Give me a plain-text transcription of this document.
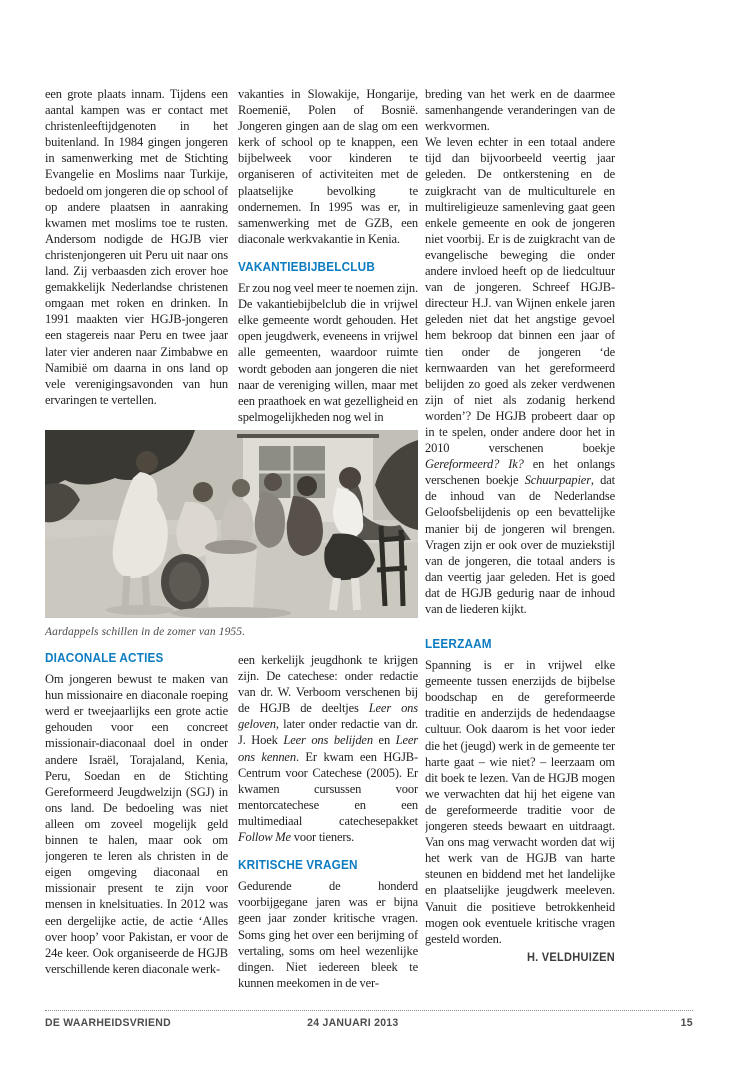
een grote plaats innam. Tijdens een aantal kampen was er contact met christenleeftijdgenoten in het buitenland. In 1984 gingen jongeren in samenwerking met de Stichting Evangelie en Moslims naar Turkije, bedoeld om jongeren die op school of op andere plaatsen in aanraking kwamen met moslims toe te rusten. Andersom nodigde de HGJB vier christenjongeren uit Peru uit naar ons land. Zij verbaasden zich erover hoe gemakkelijk Nederlandse christenen omgaan met roken en drinken. In 1991 maakten vier HGJB-jongeren een stagereis naar Peru en twee jaar later vier anderen naar Zimbabwe en Namibië om daarna in ons land op vele verenigingsavonden van hun ervaringen te vertellen.

vakanties in Slowakije, Hongarije, Roemenië, Polen of Bosnië. Jongeren gingen aan de slag om een kerk of school op te knappen, een bijbelweek voor kinderen te organiseren of activiteiten met de plaatselijke bevolking te ondernemen. In 1995 was er, in samenwerking met de GZB, een diaconale werkvakantie in Kenia.

VAKANTIEBIJBELCLUB

Er zou nog veel meer te noemen zijn. De vakantiebijbelclub die in vrijwel elke gemeente wordt gehouden. Het open jeugdwerk, eveneens in vrijwel alle gemeenten, waardoor ruimte wordt geboden aan jongeren die niet naar de vereniging willen, maar met een praathoek en wat gezelligheid en spelmogelijkheden nog wel in

breding van het werk en de daarmee samenhangende veranderingen van de werkvormen.

We leven echter in een totaal andere tijd dan bijvoorbeeld veertig jaar geleden. De ontkerstening en de zuigkracht van de multiculturele en multireligieuze samenleving gaat geen enkele gemeente en ook de jongeren niet voorbij. Er is de zuigkracht van de evangelische beweging die onder andere invloed heeft op de liedcultuur van de jongeren. Schreef HGJB-directeur H.J. van Wijnen enkele jaren geleden niet dat het angstige gevoel hem bekroop dat binnen een jaar of tien onder de jongeren ‘de kernwaarden van het gereformeerd belijden zo goed als zeker verdwenen zijn of niet als zodanig herkend worden’? De HGJB probeert daar op in te spelen, onder andere door het in 2010 verschenen boekje Gereformeerd? Ik? en het onlangs verschenen boekje Schuurpapier, dat de inhoud van de Nederlandse Geloofsbelijdenis op een bevattelijke manier bij de jongeren wil brengen. Vragen zijn er ook over de muziekstijl van de jongeren, die totaal anders is dan veertig jaar geleden. Het is goed dat de HGJB gedurig naar de inhoud van de liederen kijkt.

Aardappels schillen in de zomer van 1955.
DIACONALE ACTIES

Om jongeren bewust te maken van hun missionaire en diaconale roeping werd er tweejaarlijks een grote actie gehouden voor een concreet missionair-diaconaal doel in onder andere Israël, Torajaland, Kenia, Peru, Soedan en de Stichting Gereformeerd Jeugdwelzijn (SGJ) in ons land. De bedoeling was niet alleen om zoveel mogelijk geld binnen te halen, maar ook om jongeren te leren als christen in de eigen omgeving diaconaal en missionair present te zijn voor mensen in knelsituaties. In 2012 was een dergelijke actie, de actie ‘Alles over hoop’ voor Pakistan, er voor de 24e keer. Ook organiseerde de HGJB verschillende keren diaconale werk-

een kerkelijk jeugdhonk te krijgen zijn. De catechese: onder redactie van dr. W. Verboom verschenen bij de HGJB de deeltjes Leer ons geloven, later onder redactie van dr. J. Hoek Leer ons belijden en Leer ons kennen. Er kwam een HGJB-Centrum voor Catechese (2005). Er kwamen cursussen voor mentorcatechese en een multimediaal catechesepakket Follow Me voor tieners.

KRITISCHE VRAGEN

Gedurende de honderd voorbijgegane jaren was er bijna geen jaar zonder kritische vragen. Soms ging het over een berijming of vertaling, soms om heel wezenlijke dingen. Niet iedereen bleek te kunnen meekomen in de ver-

LEERZAAM

Spanning is er in vrijwel elke gemeente tussen enerzijds de bijbelse boodschap en de gereformeerde traditie en anderzijds de hedendaagse cultuur. Ook daarom is het voor ieder die het (jeugd) werk in de gemeente ter harte gaat – wie niet? – leerzaam om dit boek te lezen. Van de HGJB mogen we verwachten dat hij het eigene van de gereformeerde traditie voor de jongeren steeds bewaart en uitdraagt. Van ons mag verwacht worden dat wij het werk van de HGJB van harte steunen en biddend met het landelijke en plaatselijke jeugdwerk meeleven. Vanuit die positieve betrokkenheid mogen ook eventuele kritische vragen gesteld worden.

H. VELDHUIZEN
DE WAARHEIDSVRIEND	24 JANUARI 2013	15
